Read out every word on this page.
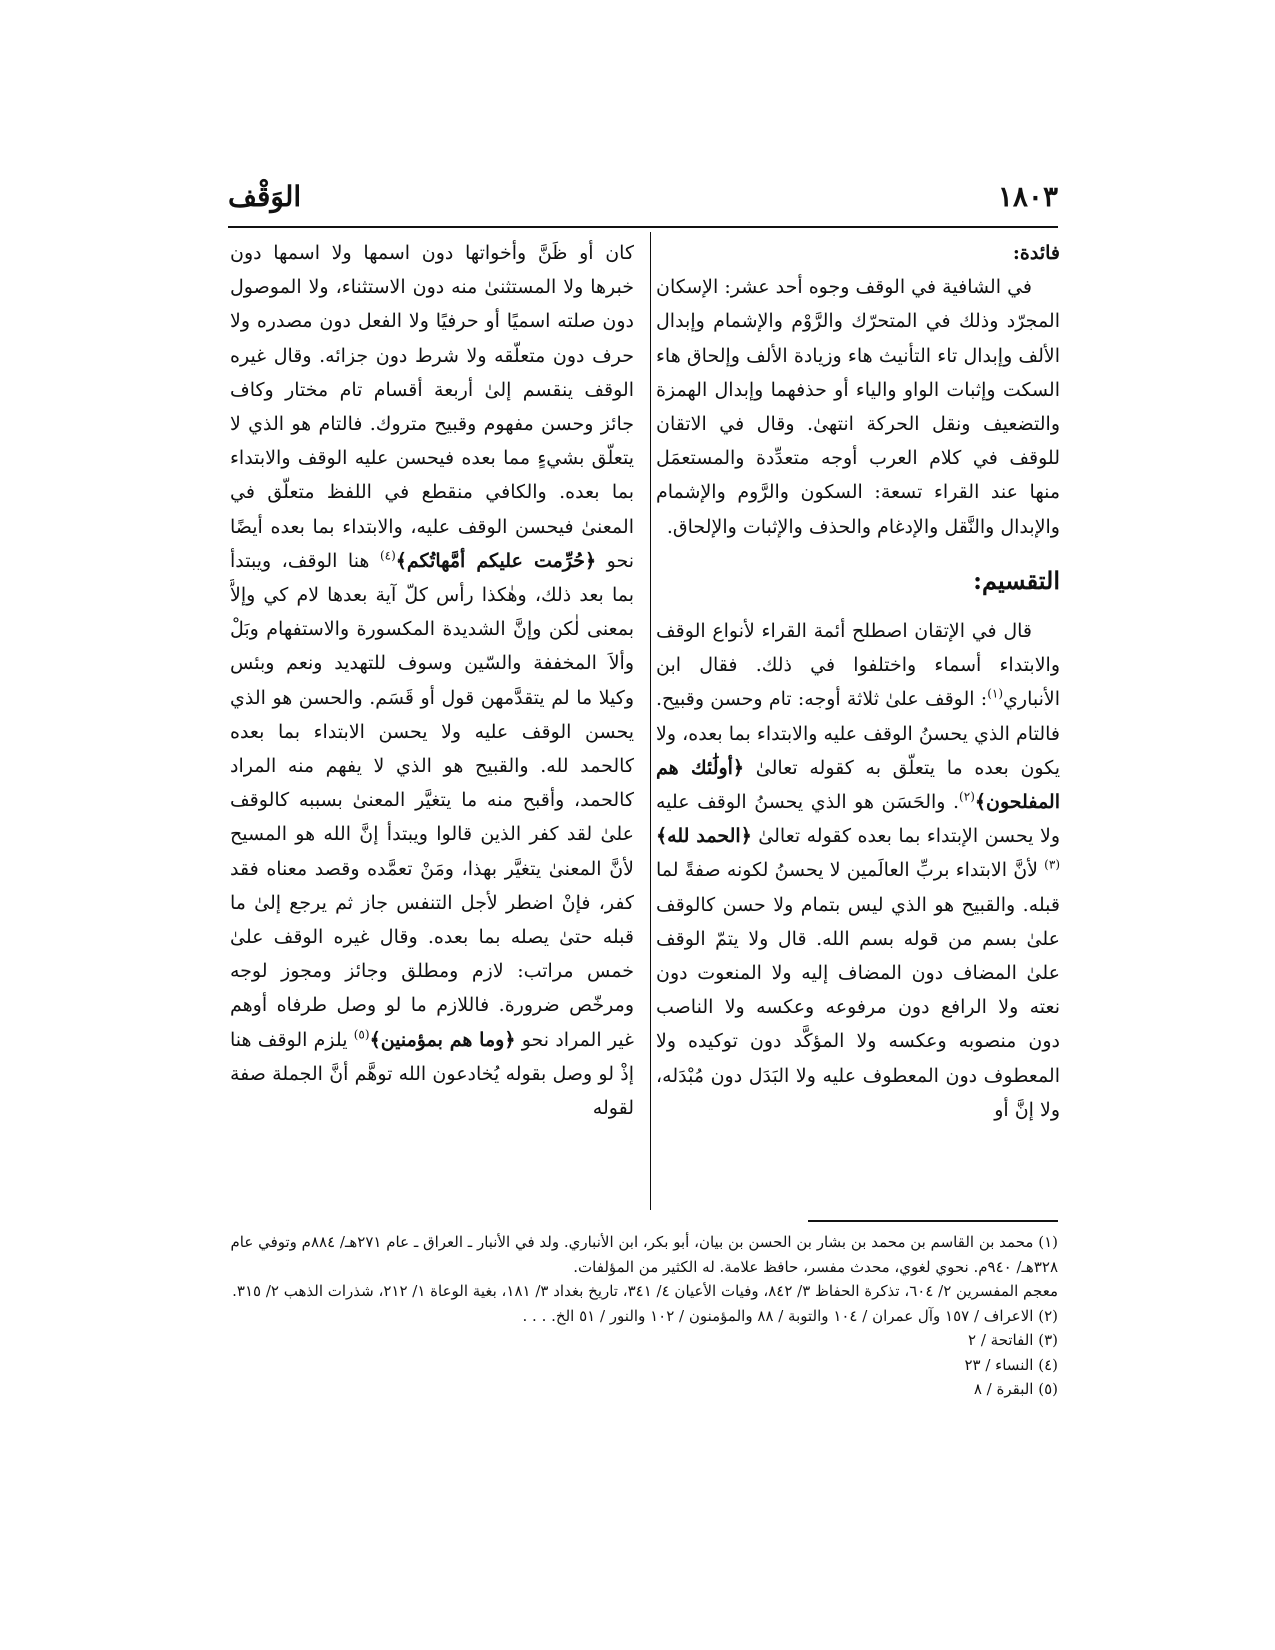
١٨٠٣
الوَقْف

فائدة:

في الشافية في الوقف وجوه أحد عشر: الإسكان المجرّد وذلك في المتحرّك والرَّوْم والإشمام وإبدال الألف وإبدال تاء التأنيث هاء وزيادة الألف وإلحاق هاء السكت وإثبات الواو والياء أو حذفهما وإبدال الهمزة والتضعيف ونقل الحركة انتهىٰ. وقال في الاتقان للوقف في كلام العرب أوجه متعدِّدة والمستعمَل منها عند القراء تسعة: السكون والرَّوم والإشمام والإبدال والنَّقل والإدغام والحذف والإثبات والإلحاق.

التقسيم:

قال في الإتقان اصطلح أئمة القراء لأنواع الوقف والابتداء أسماء واختلفوا في ذلك. فقال ابن الأنباري$^{(١)}$: الوقف علىٰ ثلاثة أوجه: تام وحسن وقبيح. فالتام الذي يحسنُ الوقف عليه والابتداء بما بعده، ولا يكون بعده ما يتعلّق به كقوله تعالىٰ ﴿أولَٰئك هم المفلحون﴾$^{(٢)}$. والحَسَن هو الذي يحسنُ الوقف عليه ولا يحسن الإبتداء بما بعده كقوله تعالىٰ ﴿الحمد لله﴾$^{(٣)}$ لأنَّ الابتداء بربِّ العالَمين لا يحسنُ لكونه صفةً لما قبله. والقبيح هو الذي ليس بتمام ولا حسن كالوقف علىٰ بسم من قوله بسم الله. قال ولا يتمّ الوقف علىٰ المضاف دون المضاف إليه ولا المنعوت دون نعته ولا الرافع دون مرفوعه وعكسه ولا الناصب دون منصوبه وعكسه ولا المؤكَّد دون توكيده ولا المعطوف دون المعطوف عليه ولا البَدَل دون مُبْدَله، ولا إنَّ أو

كان أو ظَنَّ وأخواتها دون اسمها ولا اسمها دون خبرها ولا المستثنىٰ منه دون الاستثناء، ولا الموصول دون صلته اسميًا أو حرفيًا ولا الفعل دون مصدره ولا حرف دون متعلّقه ولا شرط دون جزائه. وقال غيره الوقف ينقسم إلىٰ أربعة أقسام تام مختار وكاف جائز وحسن مفهوم وقبيح متروك. فالتام هو الذي لا يتعلّق بشيءٍ مما بعده فيحسن عليه الوقف والابتداء بما بعده. والكافي منقطع في اللفظ متعلّق في المعنىٰ فيحسن الوقف عليه، والابتداء بما بعده أيضًا نحو ﴿حُرِّمت عليكم أمَّهاتُكم﴾$^{(٤)}$ هنا الوقف، ويبتدأ بما بعد ذلك، وهٰكذا رأس كلّ آية بعدها لام كي وإلاَّ بمعنى لٰكن وإنَّ الشديدة المكسورة والاستفهام وبَلْ وألاَ المخففة والسّين وسوف للتهديد ونعم وبئس وكيلا ما لم يتقدَّمهن قول أو قَسَم. والحسن هو الذي يحسن الوقف عليه ولا يحسن الابتداء بما بعده كالحمد لله. والقبيح هو الذي لا يفهم منه المراد كالحمد، وأقبح منه ما يتغيَّر المعنىٰ بسببه كالوقف علىٰ لقد كفر الذين قالوا ويبتدأ إنَّ الله هو المسيح لأنَّ المعنىٰ يتغيَّر بهذا، ومَنْ تعمَّده وقصد معناه فقد كفر، فإنْ اضطر لأجل التنفس جاز ثم يرجع إلىٰ ما قبله حتىٰ يصله بما بعده. وقال غيره الوقف علىٰ خمس مراتب: لازم ومطلق وجائز ومجوز لوجه ومرخّص ضرورة. فاللازم ما لو وصل طرفاه أوهم غير المراد نحو ﴿وما هم بمؤمنين﴾$^{(٥)}$ يلزم الوقف هنا إذْ لو وصل بقوله يُخادعون الله توهَّم أنَّ الجملة صفة لقوله

(١) محمد بن القاسم بن محمد بن بشار بن الحسن بن بيان، أبو بكر، ابن الأنباري. ولد في الأنبار ـ العراق ـ عام ٢٧١هـ/ ٨٨٤م وتوفي عام ٣٢٨هـ/ ٩٤٠م. نحوي لغوي، محدث مفسر، حافظ علامة. له الكثير من المؤلفات.

معجم المفسرين ٢/ ٦٠٤، تذكرة الحفاظ ٣/ ٨٤٢، وفيات الأعيان ٤/ ٣٤١، تاريخ بغداد ٣/ ١٨١، بغية الوعاة ١/ ٢١٢، شذرات الذهب ٢/ ٣١٥.

(٢) الاعراف / ١٥٧ وآل عمران / ١٠٤ والتوبة / ٨٨ والمؤمنون / ١٠٢ والنور / ٥١ الخ. . . .

(٣) الفاتحة / ٢

(٤) النساء / ٢٣

(٥) البقرة / ٨
